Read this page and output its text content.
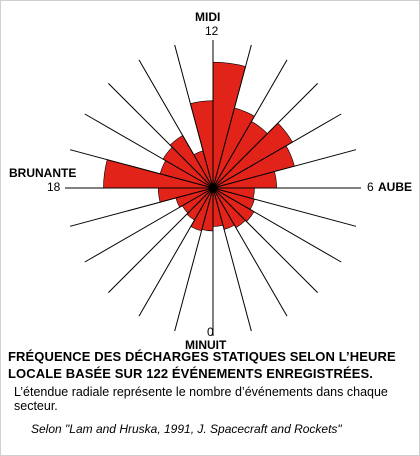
MIDI
12
BRUNANTE
18	6 AUBE
0
MINUIT
FRÉQUENCE DES DÉCHARGES STATIQUES SELON L’HEURE
LOCALE BASÉE SUR 122 ÉVÉNEMENTS ENREGISTRÉES.
L’étendue radiale représente le nombre d’événements dans chaque secteur.
Selon "Lam and Hruska, 1991, J. Spacecraft and Rockets"
